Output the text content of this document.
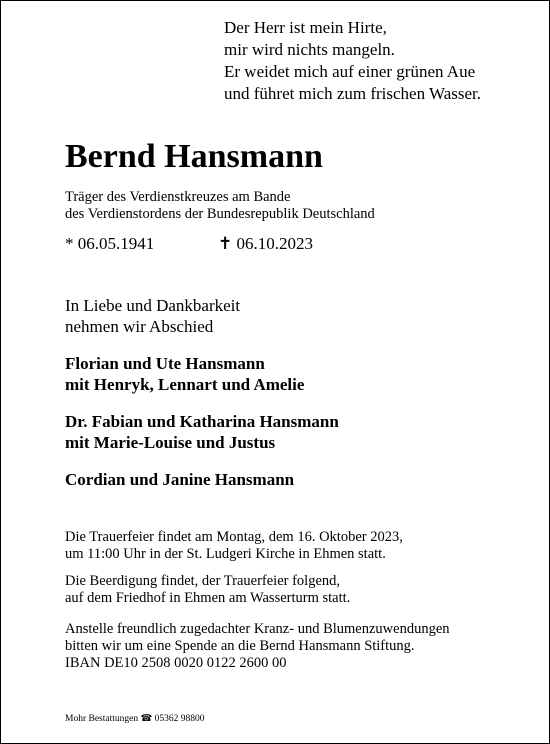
Der Herr ist mein Hirte,
mir wird nichts mangeln.
Er weidet mich auf einer grünen Aue
und führet mich zum frischen Wasser.
Bernd Hansmann
Träger des Verdienstkreuzes am Bande
des Verdienstordens der Bundesrepublik Deutschland
* 06.05.1941	✝ 06.10.2023
In Liebe und Dankbarkeit
nehmen wir Abschied
Florian und Ute Hansmann
mit Henryk, Lennart und Amelie
Dr. Fabian und Katharina Hansmann
mit Marie-Louise und Justus
Cordian und Janine Hansmann
Die Trauerfeier findet am Montag, dem 16. Oktober 2023,
um 11:00 Uhr in der St. Ludgeri Kirche in Ehmen statt.
Die Beerdigung findet, der Trauerfeier folgend,
auf dem Friedhof in Ehmen am Wasserturm statt.
Anstelle freundlich zugedachter Kranz- und Blumenzuwendungen
bitten wir um eine Spende an die Bernd Hansmann Stiftung.
IBAN DE10 2508 0020 0122 2600 00
Mohr Bestattungen ☎ 05362 98800
